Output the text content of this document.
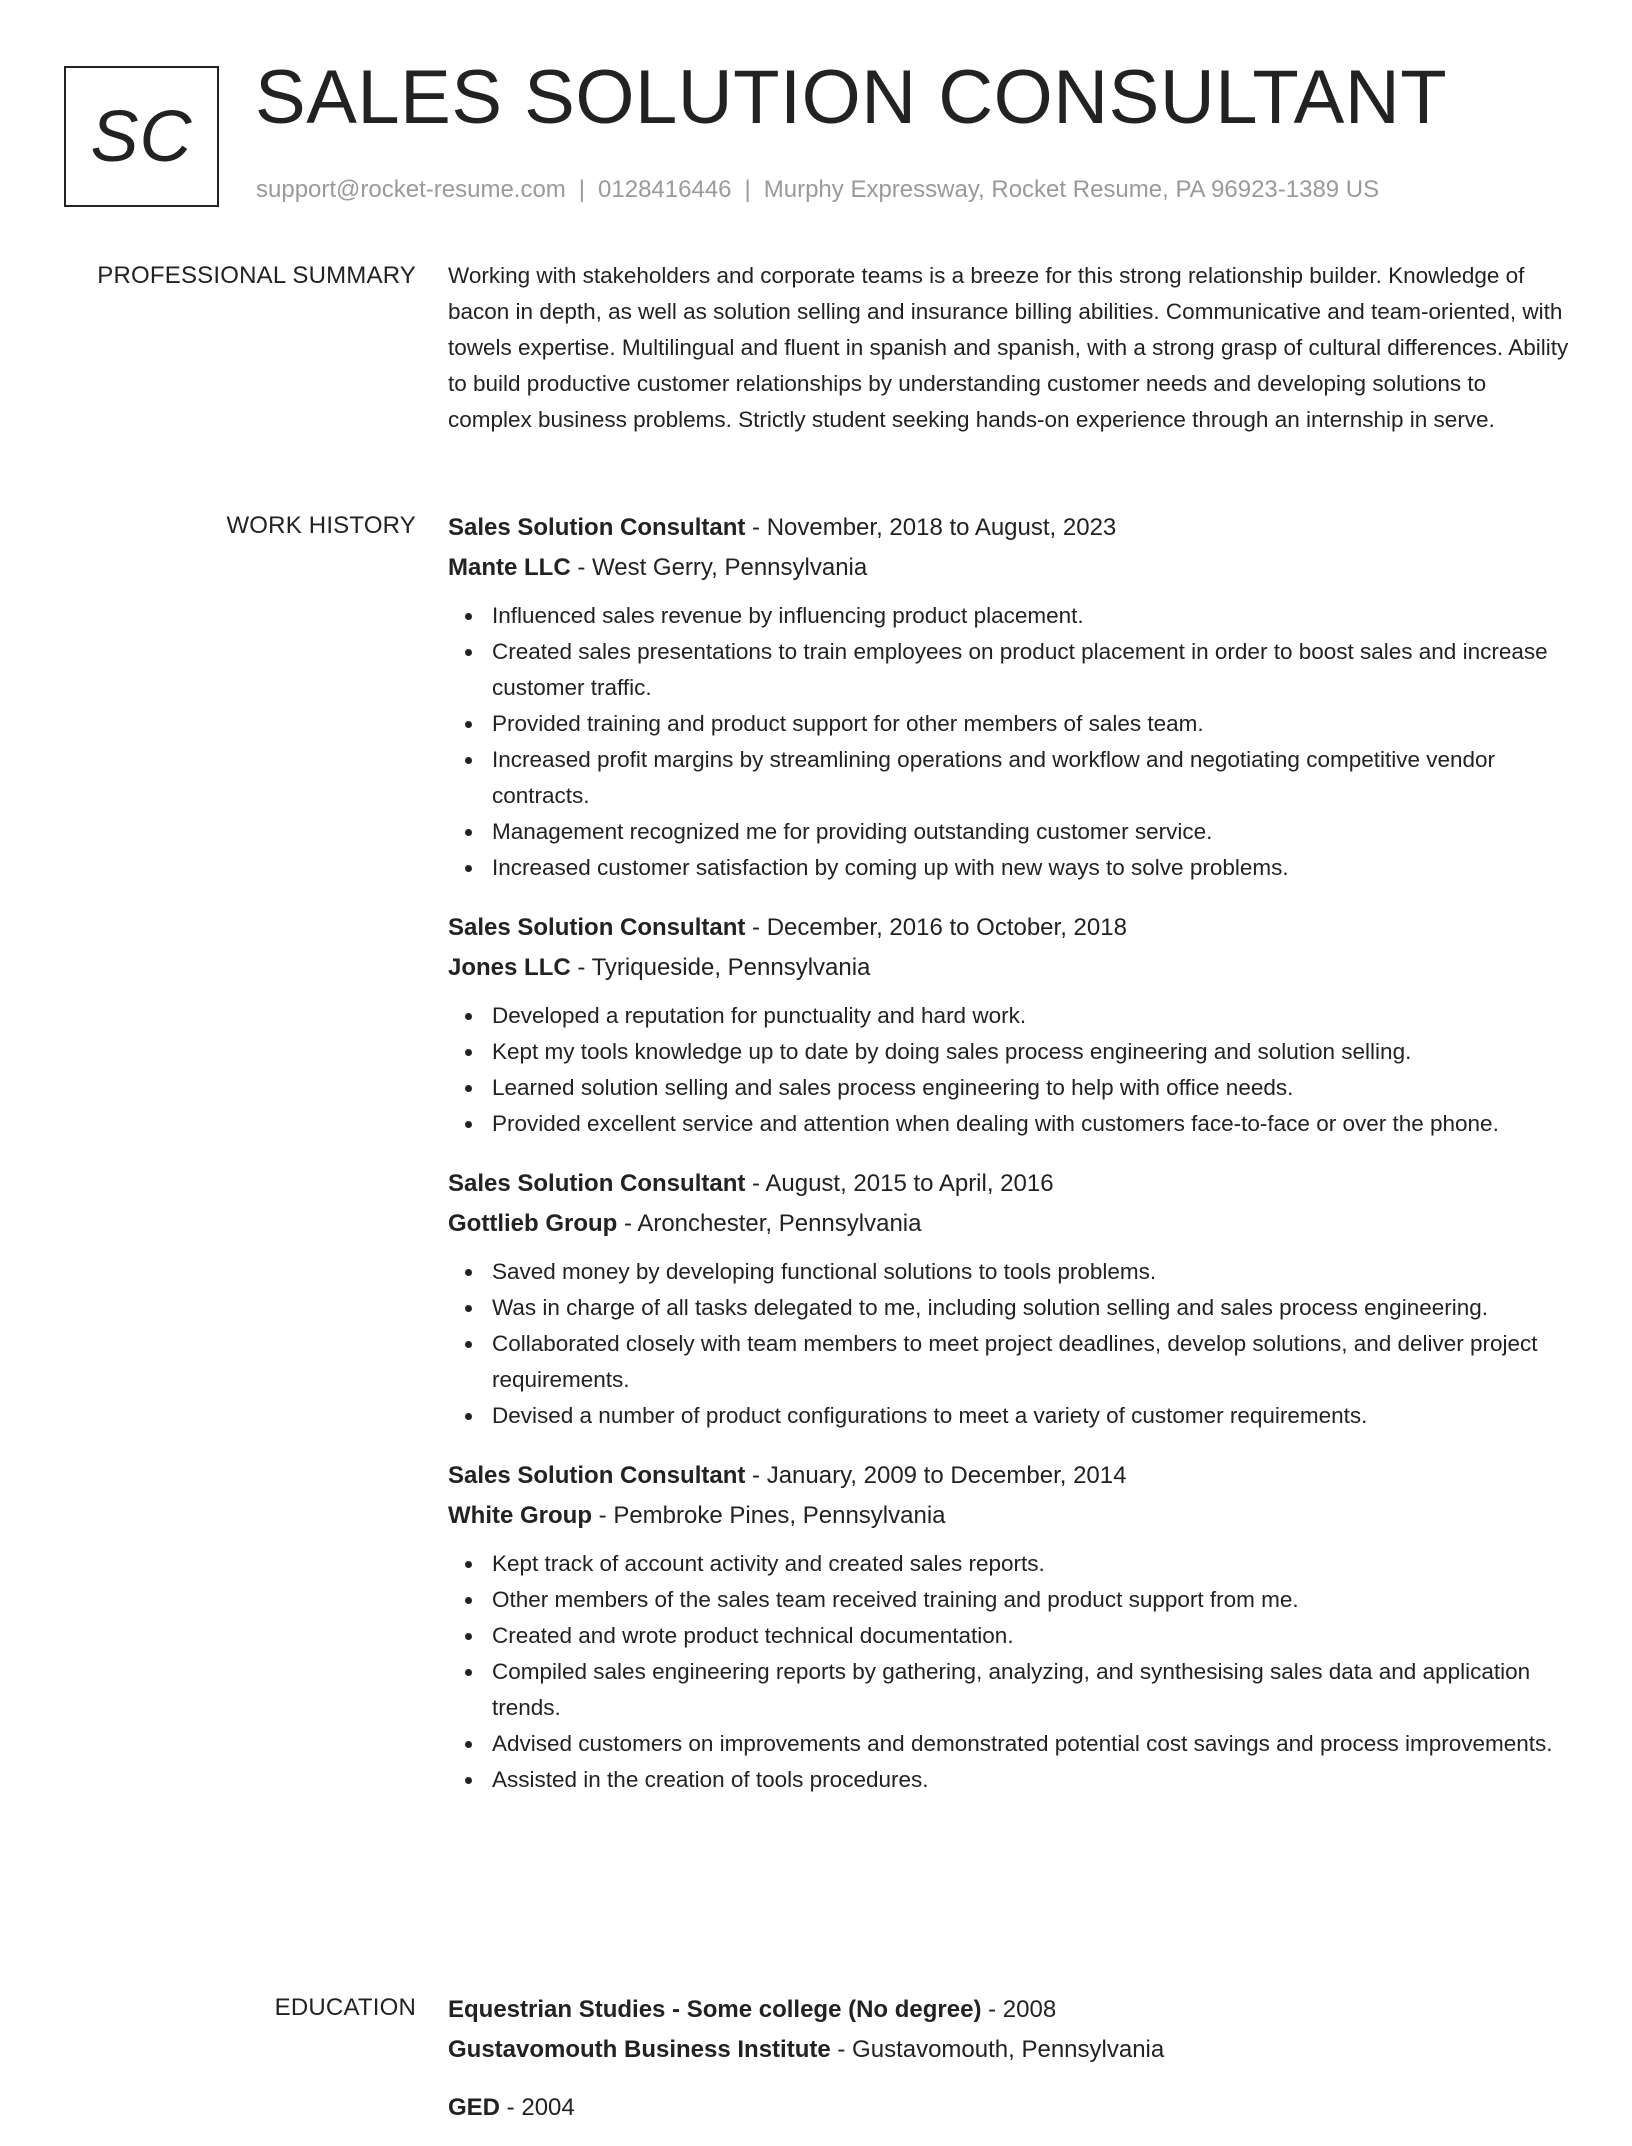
SC SALES SOLUTION CONSULTANT
support@rocket-resume.com | 0128416446 | Murphy Expressway, Rocket Resume, PA 96923-1389 US
PROFESSIONAL SUMMARY Working with stakeholders and corporate teams is a breeze for this strong relationship builder. Knowledge of bacon in depth, as well as solution selling and insurance billing abilities. Communicative and team-oriented, with towels expertise. Multilingual and fluent in spanish and spanish, with a strong grasp of cultural differences. Ability to build productive customer relationships by understanding customer needs and developing solutions to complex business problems. Strictly student seeking hands-on experience through an internship in serve.

WORK HISTORY Sales Solution Consultant - November, 2018 to August, 2023

Mante LLC - West Gerry, Pennsylvania

Influenced sales revenue by influencing product placement.
Created sales presentations to train employees on product placement in order to boost sales and increase customer traffic.
Provided training and product support for other members of sales team.
Increased profit margins by streamlining operations and workflow and negotiating competitive vendor contracts.
Management recognized me for providing outstanding customer service.
Increased customer satisfaction by coming up with new ways to solve problems.

Sales Solution Consultant - December, 2016 to October, 2018

Jones LLC - Tyriqueside, Pennsylvania

Developed a reputation for punctuality and hard work.
Kept my tools knowledge up to date by doing sales process engineering and solution selling.
Learned solution selling and sales process engineering to help with office needs.
Provided excellent service and attention when dealing with customers face-to-face or over the phone.

Sales Solution Consultant - August, 2015 to April, 2016

Gottlieb Group - Aronchester, Pennsylvania

Saved money by developing functional solutions to tools problems.
Was in charge of all tasks delegated to me, including solution selling and sales process engineering.
Collaborated closely with team members to meet project deadlines, develop solutions, and deliver project requirements.
Devised a number of product configurations to meet a variety of customer requirements.

Sales Solution Consultant - January, 2009 to December, 2014

White Group - Pembroke Pines, Pennsylvania

Kept track of account activity and created sales reports.
Other members of the sales team received training and product support from me.
Created and wrote product technical documentation.
Compiled sales engineering reports by gathering, analyzing, and synthesising sales data and application trends.
Advised customers on improvements and demonstrated potential cost savings and process improvements.
Assisted in the creation of tools procedures.
EDUCATION Equestrian Studies - Some college (No degree) - 2008

Gustavomouth Business Institute - Gustavomouth, Pennsylvania

GED - 2004
